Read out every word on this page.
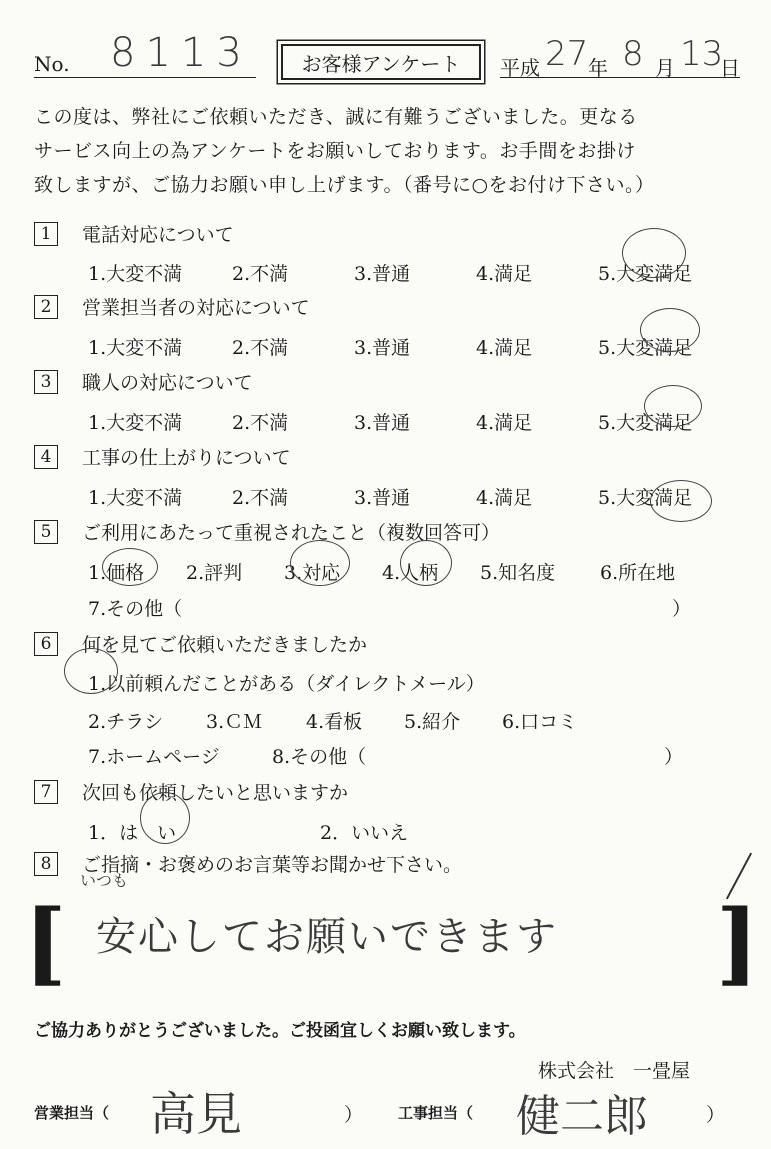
No. 8113	お客様アンケート	平成 27 年 8 月 13
日
この度は、弊社にご依頼いただき、誠に有難うございました。更なる
サービス向上の為アンケートをお願いしております。お手間をお掛け
致しますが、ご協力お願い申し上げます。（番号に○をお付け下さい。）
1	電話対応について
1.大変不満	2.不満	3.普通	4.満足	5.大変満足
2	営業担当者の対応について
1.大変不満	2.不満	3.普通	4.満足	5.大変満足
3	職人の対応について
1.大変不満	2.不満	3.普通	4.満足	5.大変満足
4	工事の仕上がりについて
1.大変不満	2.不満	3.普通	4.満足	5.大変満足
5	ご利用にあたって重視されたこと（複数回答可）
1.価格 2.評判 3.対応 4.人柄 5.知名度 6.所在地
7.その他（	）
6	何を見てご依頼いただきましたか
1.以前頼んだことがある（ダイレクトメール）
2.チラシ 3.ＣＭ 4.看板 5.紹介 6.口コミ
7.ホームページ	8.その他（	）
7	次回も依頼したいと思いますか
1．は　い	2．いいえ
8	ご指摘・お褒めのお言葉等お聞かせ下さい。
[	]
いつも
安心してお願いできます
ご協力ありがとうございました。ご投函宜しくお願い致します。
株式会社　一畳屋
営業担当（ 高見	） 工事担当（ 健二郎	）
